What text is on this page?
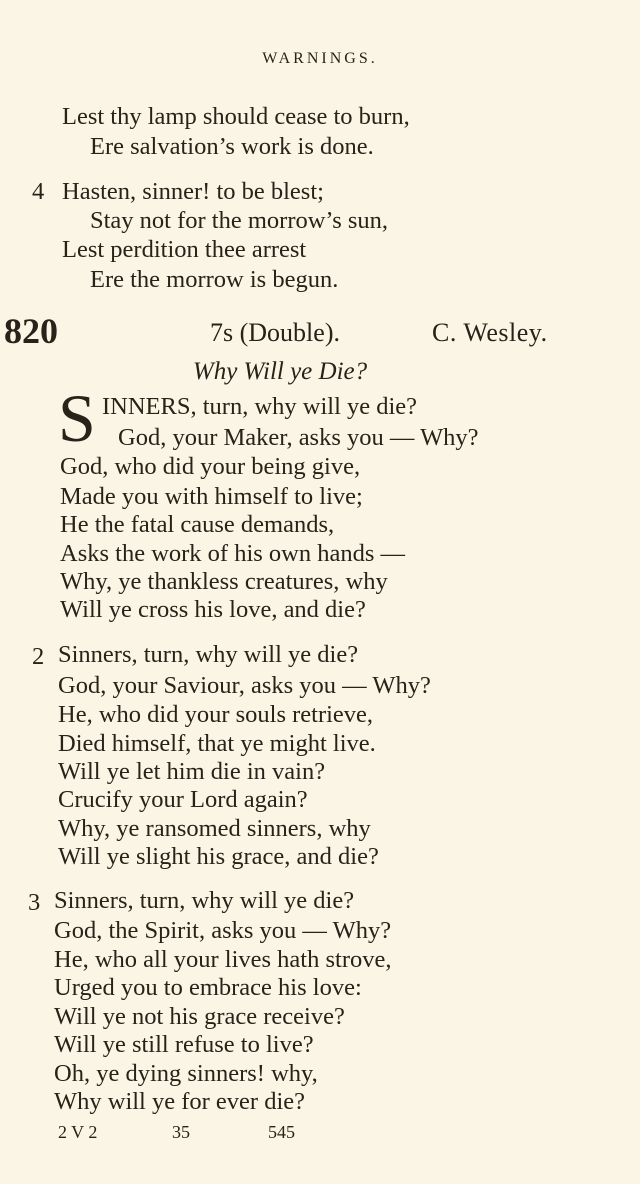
WARNINGS.
Lest thy lamp should cease to burn,
Ere salvation’s work is done.
4 Hasten, sinner! to be blest;
Stay not for the morrow’s sun,
Lest perdition thee arrest
Ere the morrow is begun.
820	7s (Double).	C. Wesley.
Why Will ye Die?
S INNERS, turn, why will ye die?
God, your Maker, asks you — Why?
God, who did your being give,
Made you with himself to live;
He the fatal cause demands,
Asks the work of his own hands —
Why, ye thankless creatures, why
Will ye cross his love, and die?
2 Sinners, turn, why will ye die?
God, your Saviour, asks you — Why?
He, who did your souls retrieve,
Died himself, that ye might live.
Will ye let him die in vain?
Crucify your Lord again?
Why, ye ransomed sinners, why
Will ye slight his grace, and die?
3 Sinners, turn, why will ye die?
God, the Spirit, asks you — Why?
He, who all your lives hath strove,
Urged you to embrace his love:
Will ye not his grace receive?
Will ye still refuse to live?
Oh, ye dying sinners! why,
Why will ye for ever die?
2 V 2	35	545
